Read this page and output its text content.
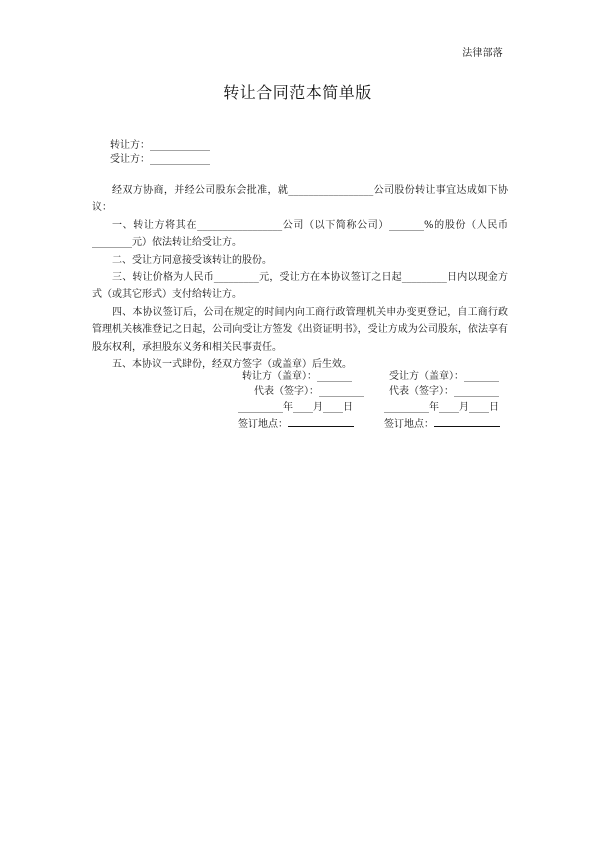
法律部落
转让合同范本简单版
转让方：____________
受让方：____________

经双方协商，并经公司股东会批准，就_________________公司股份转让事宜达成如下协议：

一、转让方将其在_________________公司（以下简称公司）_______%的股份（人民币________元）依法转让给受让方。

二、受让方同意接受该转让的股份。

三、转让价格为人民币_________元，受让方在本协议签订之日起_________日内以现金方式（或其它形式）支付给转让方。

四、本协议签订后，公司在规定的时间内向工商行政管理机关申办变更登记，自工商行政管理机关核准登记之日起，公司向受让方签发《出资证明书》，受让方成为公司股东，依法享有股东权利，承担股东义务和相关民事责任。

五、本协议一式肆份，经双方签字（或盖章）后生效。

转让方（盖章）：_______
代表（签字）：_________
_________年____月____日
签订地点：
受让方（盖章）：_______
代表（签字）：_________
_________年____月____日
签订地点：
